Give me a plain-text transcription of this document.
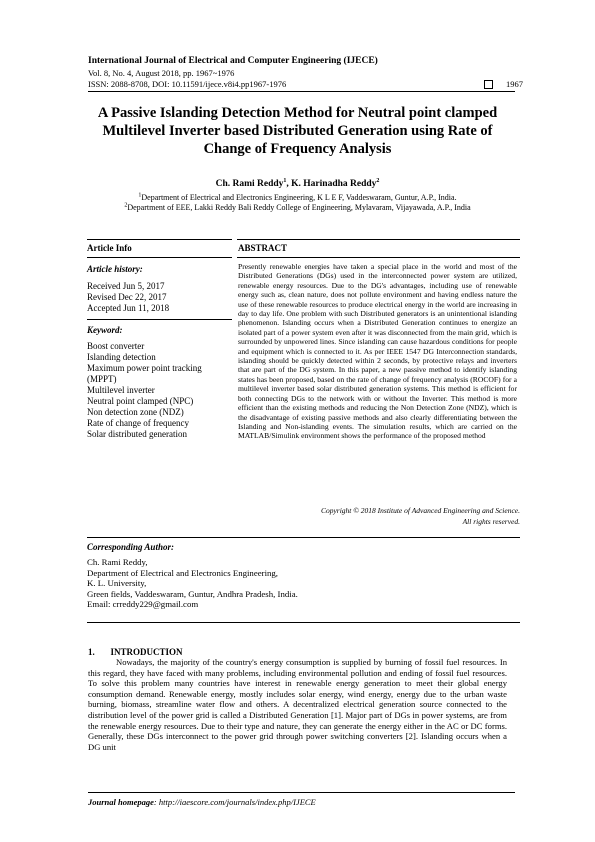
International Journal of Electrical and Computer Engineering (IJECE)
Vol. 8, No. 4, August 2018, pp. 1967~1976
ISSN: 2088-8708, DOI: 10.11591/ijece.v8i4.pp1967-1976	1967
A Passive Islanding Detection Method for Neutral point clamped Multilevel Inverter based Distributed Generation using Rate of Change of Frequency Analysis
Ch. Rami Reddy$^1$, K. Harinadha Reddy$^2$
$^1$Department of Electrical and Electronics Engineering, K L E F, Vaddeswaram, Guntur, A.P., India.
$^2$Department of EEE, Lakki Reddy Bali Reddy College of Engineering, Mylavaram, Vijayawada, A.P., India
Article Info	ABSTRACT
Article history:
Received Jun 5, 2017
Revised Dec 22, 2017
Accepted Jun 11, 2018
Keyword:
Boost converter
Islanding detection
Maximum power point tracking
(MPPT)
Multilevel inverter
Neutral point clamped (NPC)
Non detection zone (NDZ)
Rate of change of frequency
Solar distributed generation
Presently renewable energies have taken a special place in the world and most of the Distributed Generations (DGs) used in the interconnected power system are utilized, renewable energy resources. Due to the DG's advantages, including use of renewable energy such as, clean nature, does not pollute environment and having endless nature the use of these renewable resources to produce electrical energy in the world are increasing in day to day life. One problem with such Distributed generators is an unintentional islanding phenomenon. Islanding occurs when a Distributed Generation continues to energize an isolated part of a power system even after it was disconnected from the main grid, which is surrounded by unpowered lines. Since islanding can cause hazardous conditions for people and equipment which is connected to it. As per IEEE 1547 DG Interconnection standards, islanding should be quickly detected within 2 seconds, by protective relays and inverters that are part of the DG system. In this paper, a new passive method to identify islanding states has been proposed, based on the rate of change of frequency analysis (ROCOF) for a multilevel inverter based solar distributed generation systems. This method is efficient for both connecting DGs to the network with or without the Inverter. This method is more efficient than the existing methods and reducing the Non Detection Zone (NDZ), which is the disadvantage of existing passive methods and also clearly differentiating between the Islanding and Non-islanding events. The simulation results, which are carried on the MATLAB/Simulink environment shows the performance of the proposed method
Copyright © 2018 Institute of Advanced Engineering and Science.
All rights reserved.
Corresponding Author:
Ch. Rami Reddy,
Department of Electrical and Electronics Engineering,
K. L. University,
Green fields, Vaddeswaram, Guntur, Andhra Pradesh, India.
Email: crreddy229@gmail.com
1.       INTRODUCTION
Nowadays, the majority of the country's energy consumption is supplied by burning of fossil fuel resources. In this regard, they have faced with many problems, including environmental pollution and ending of fossil fuel resources. To solve this problem many countries have interest in renewable energy generation to meet their global energy consumption demand. Renewable energy, mostly includes solar energy, wind energy, energy due to the urban waste burning, biomass, streamline water flow and others. A decentralized electrical generation source connected to the distribution level of the power grid is called a Distributed Generation [1]. Major part of DGs in power systems, are from the renewable energy resources. Due to their type and nature, they can generate the energy either in the AC or DC forms. Generally, these DGs interconnect to the power grid through power switching converters [2]. Islanding occurs when a DG unit
Journal homepage: http://iaescore.com/journals/index.php/IJECE
